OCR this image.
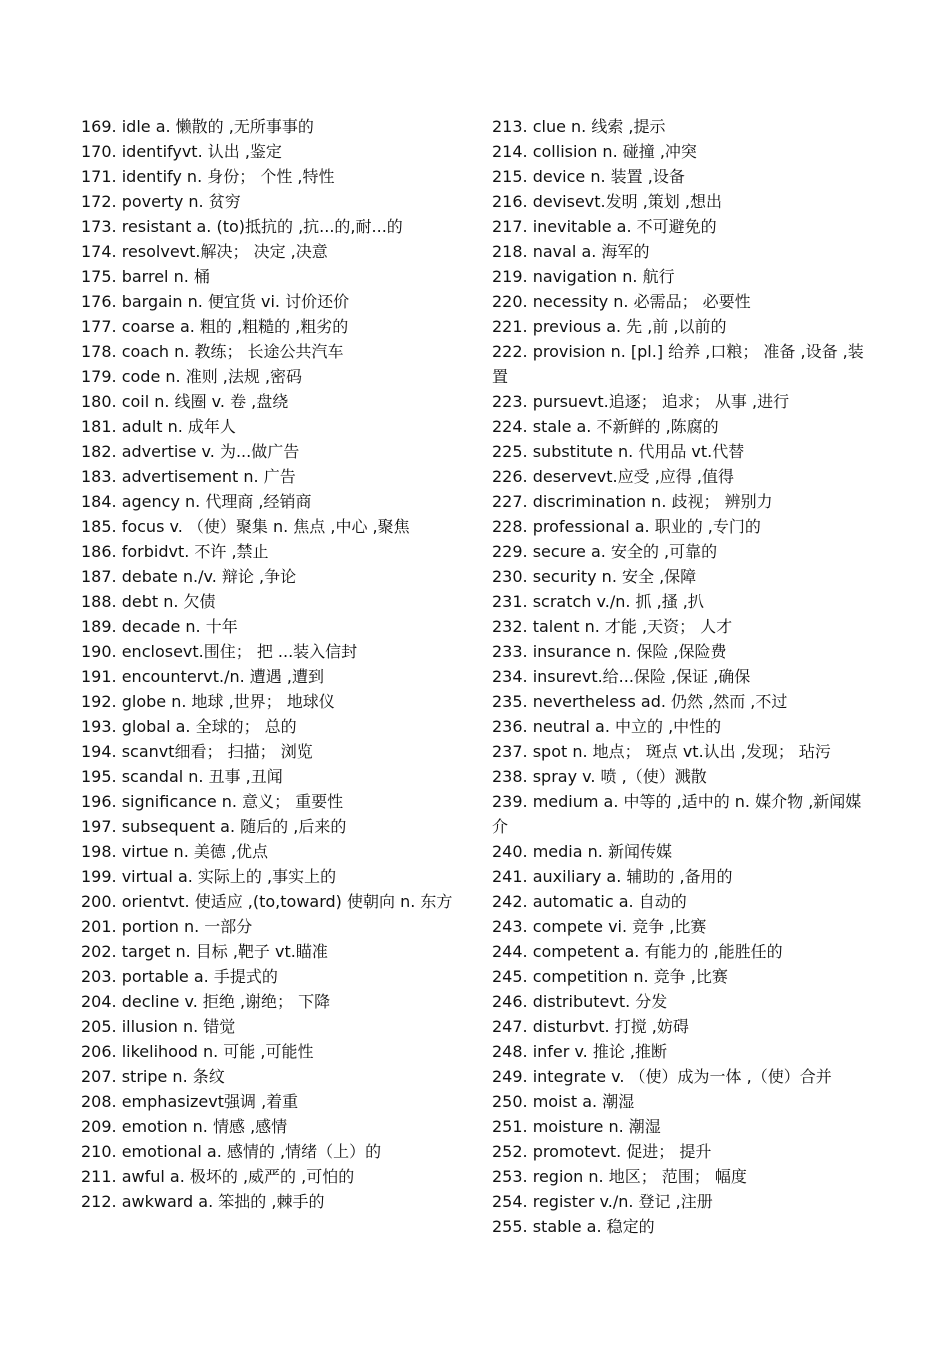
169. idle a. 懒散的 ,无所事事的

170. identifyvt. 认出 ,鉴定

171. identify n. 身份； 个性 ,特性

172. poverty n. 贫穷

173. resistant a. (to)抵抗的 ,抗...的,耐...的

174. resolvevt.解决； 决定 ,决意

175. barrel n. 桶

176. bargain n. 便宜货 vi. 讨价还价

177. coarse a. 粗的 ,粗糙的 ,粗劣的

178. coach n. 教练； 长途公共汽车

179. code n. 准则 ,法规 ,密码

180. coil n. 线圈 v. 卷 ,盘绕

181. adult n. 成年人

182. advertise v. 为...做广告

183. advertisement n. 广告

184. agency n. 代理商 ,经销商

185. focus v. （使）聚集 n. 焦点 ,中心 ,聚焦

186. forbidvt. 不许 ,禁止

187. debate n./v. 辩论 ,争论

188. debt n. 欠债

189. decade n. 十年

190. enclosevt.围住； 把 ...装入信封

191. encountervt./n. 遭遇 ,遭到

192. globe n. 地球 ,世界； 地球仪

193. global a. 全球的； 总的

194. scanvt细看； 扫描； 浏览

195. scandal n. 丑事 ,丑闻

196. significance n. 意义； 重要性

197. subsequent a. 随后的 ,后来的

198. virtue n. 美德 ,优点

199. virtual a. 实际上的 ,事实上的

200. orientvt. 使适应 ,(to,toward) 使朝向 n. 东方

201. portion n. 一部分

202. target n. 目标 ,靶子 vt.瞄准

203. portable a. 手提式的

204. decline v. 拒绝 ,谢绝； 下降

205. illusion n. 错觉

206. likelihood n. 可能 ,可能性

207. stripe n. 条纹

208. emphasizevt强调 ,着重

209. emotion n. 情感 ,感情

210. emotional a. 感情的 ,情绪（上）的

211. awful a. 极坏的 ,威严的 ,可怕的

212. awkward a. 笨拙的 ,棘手的

213. clue n. 线索 ,提示

214. collision n. 碰撞 ,冲突

215. device n. 装置 ,设备

216. devisevt.发明 ,策划 ,想出

217. inevitable a. 不可避免的

218. naval a. 海军的

219. navigation n. 航行

220. necessity n. 必需品； 必要性

221. previous a. 先 ,前 ,以前的

222. provision n. [pl.] 给养 ,口粮； 准备 ,设备 ,装置

223. pursuevt.追逐； 追求； 从事 ,进行

224. stale a. 不新鲜的 ,陈腐的

225. substitute n. 代用品 vt.代替

226. deservevt.应受 ,应得 ,值得

227. discrimination n. 歧视； 辨别力

228. professional a. 职业的 ,专门的

229. secure a. 安全的 ,可靠的

230. security n. 安全 ,保障

231. scratch v./n. 抓 ,搔 ,扒

232. talent n. 才能 ,天资； 人才

233. insurance n. 保险 ,保险费

234. insurevt.给...保险 ,保证 ,确保

235. nevertheless ad. 仍然 ,然而 ,不过

236. neutral a. 中立的 ,中性的

237. spot n. 地点； 斑点 vt.认出 ,发现； 玷污

238. spray v. 喷 ,（使）溅散

239. medium a. 中等的 ,适中的 n. 媒介物 ,新闻媒介

240. media n. 新闻传媒

241. auxiliary a. 辅助的 ,备用的

242. automatic a. 自动的

243. compete vi. 竞争 ,比赛

244. competent a. 有能力的 ,能胜任的

245. competition n. 竞争 ,比赛

246. distributevt. 分发

247. disturbvt. 打搅 ,妨碍

248. infer v. 推论 ,推断

249. integrate v. （使）成为一体 ,（使）合并

250. moist a. 潮湿

251. moisture n. 潮湿

252. promotevt. 促进； 提升

253. region n. 地区； 范围； 幅度

254. register v./n. 登记 ,注册

255. stable a. 稳定的
